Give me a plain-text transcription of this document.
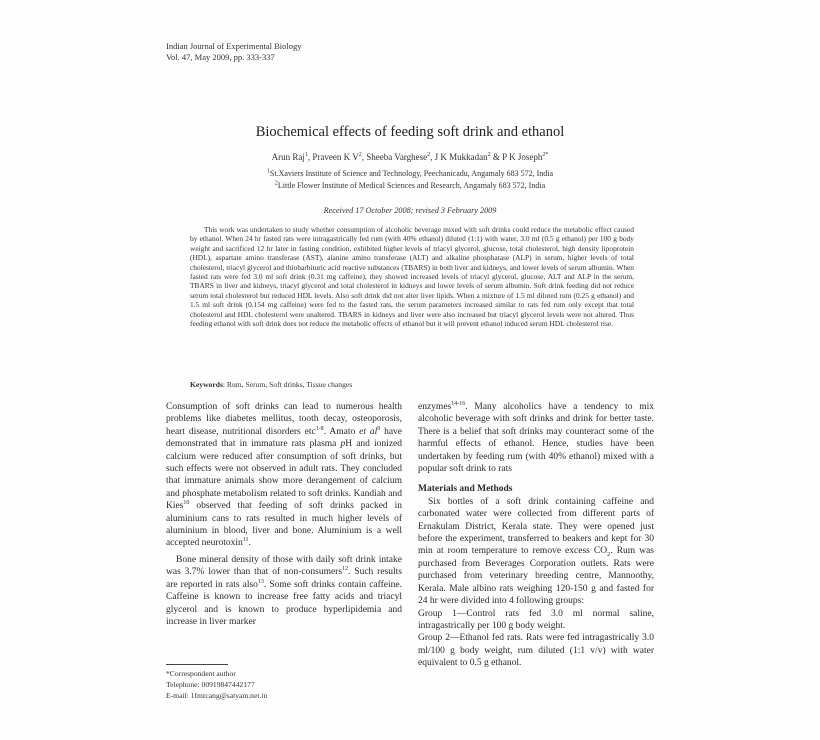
Indian Journal of Experimental Biology
Vol. 47, May 2009, pp. 333-337
Biochemical effects of feeding soft drink and ethanol
Arun Raj$^1$, Praveen K $V^2$, Sheeba Varghese$^2$, J K Mukkadan$^2$ & P K Joseph$^{2*}$
$^1$St.Xaviers Institute of Science and Technology, Peechanicadu, Angamaly 683 572, India
$^2$Little Flower Institute of Medical Sciences and Research, Angamaly 683 572, India
Received 17 October 2008; revised 3 February 2009
This work was undertaken to study whether consumption of alcoholic beverage mixed with soft drinks could reduce the metabolic effect caused by ethanol. When 24 hr fasted rats were intragastrically fed rum (with 40% ethanol) diluted (1:1) with water, 3.0 ml (0.5 g ethanol) per 100 g body weight and sacrificed 12 hr later in fasting condition, exhibited higher levels of triacyl glycerol, glucose, total cholesterol, high density lipoprotein (HDL), aspartate amino transferase (AST), alanine amino transferase (ALT) and alkaline phosphatase (ALP) in serum, higher levels of total cholesterol, triacyl glycerol and thiobarbituric acid reactive substances (TBARS) in both liver and kidneys, and lower levels of serum albumin. When fasted rats were fed 3.0 ml soft drink (0.31 mg caffeine), they showed increased levels of triacyl glycerol, glucose, ALT and ALP in the serum, TBARS in liver and kidneys, triacyl glycerol and total cholesterol in kidneys and lower levels of serum albumin. Soft drink feeding did not reduce serum total cholesterol but reduced HDL levels. Also soft drink did not alter liver lipids. When a mixture of 1.5 ml diluted rum (0.25 g ethanol) and 1.5 ml soft drink (0.154 mg caffeine) were fed to the fasted rats, the serum parameters increased similar to rats fed rum only except that total cholesterol and HDL cholesterol were unaltered. TBARS in kidneys and liver were also increased but triacyl glycerol levels were not altered. Thus feeding ethanol with soft drink does not reduce the metabolic effects of ethanol but it will prevent ethanol induced serum HDL cholesterol rise.
Keywords: Rum, Serum, Soft drinks, Tissue changes

Consumption of soft drinks can lead to numerous health problems like diabetes mellitus, tooth decay, osteoporosis, heart disease, nutritional disorders etc$^{1-8}$. Amato et $al^9$ have demonstrated that in immature rats plasma pH and ionized calcium were reduced after consumption of soft drinks, but such effects were not observed in adult rats. They concluded that immature animals show more derangement of calcium and phosphate metabolism related to soft drinks. Kandiah and Kies$^{10}$ observed that feeding of soft drinks packed in aluminium cans to rats resulted in much higher levels of aluminium in blood, liver and bone. Aluminium is a well accepted neurotoxin$^{11}$.

Bone mineral density of those with daily soft drink intake was 3.7% lower than that of non-consumers$^{12}$. Such results are reported in rats also$^{13}$. Some soft drinks contain caffeine. Caffeine is known to increase free fatty acids and triacyl glycerol and is known to produce hyperlipidemia and increase in liver marker

enzymes$^{14-16}$. Many alcoholics have a tendency to mix alcoholic beverage with soft drinks and drink for better taste. There is a belief that soft drinks may counteract some of the harmful effects of ethanol. Hence, studies have been undertaken by feeding rum (with 40% ethanol) mixed with a popular soft drink to rats

Materials and Methods

Six bottles of a soft drink containing caffeine and carbonated water were collected from different parts of Ernakulam District, Kerala state. They were opened just before the experiment, transferred to beakers and kept for 30 min at room temperature to remove excess $CO_2$. Rum was purchased from Beverages Corporation outlets. Rats were purchased from veterinary breeding centre, Mannoothy, Kerala. Male albino rats weighing 120-150 g and fasted for 24 hr were divided into 4 following groups:

Group 1—Control rats fed 3.0 ml normal saline, intragastrically per 100 g body weight.

Group 2—Ethanol fed rats. Rats were fed intragastrically 3.0 ml/100 g body weight, rum diluted (1:1 v/v) with water equivalent to 0.5 g ethanol.

*Correspondent author
Telephone: 00919847442177
E-mail: 1fmrcang@satyam.net.in
